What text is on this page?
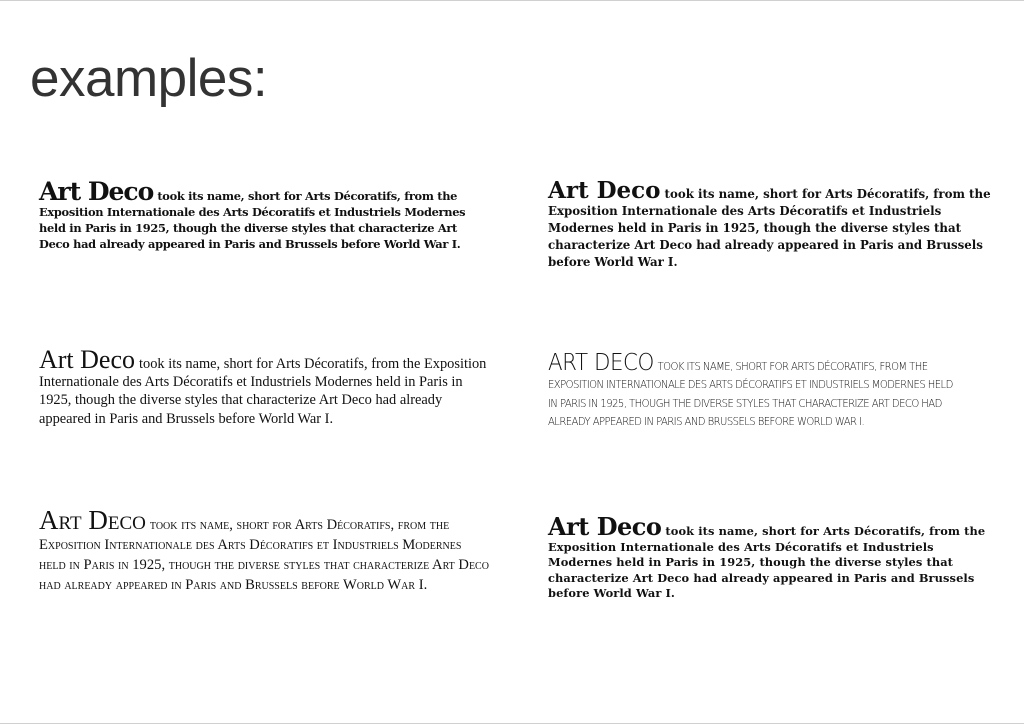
examples:

Art Deco took its name, short for Arts Décoratifs, from the Exposition Internationale des Arts Décoratifs et Industriels Modernes held in Paris in 1925, though the diverse styles that characterize Art Deco had already appeared in Paris and Brussels before World War I.

Art Deco took its name, short for Arts Décoratifs, from the Exposition Internationale des Arts Décoratifs et Industriels Modernes held in Paris in 1925, though the diverse styles that characterize Art Deco had already appeared in Paris and Brussels before World War I.

Art Deco took its name, short for Arts Décoratifs, from the Exposition Internationale des Arts Décoratifs et Industriels Modernes held in Paris in 1925, though the diverse styles that characterize Art Deco had already appeared in Paris and Brussels before World War I.

ART DECO TOOK ITS NAME, SHORT FOR ARTS DÉCORATIFS, FROM THE EXPOSITION INTERNATIONALE DES ARTS DÉCORATIFS ET INDUSTRIELS MODERNES HELD IN PARIS IN 1925, THOUGH THE DIVERSE STYLES THAT CHARACTERIZE ART DECO HAD ALREADY APPEARED IN PARIS AND BRUSSELS BEFORE WORLD WAR I.

Art Deco took its name, short for Arts Décoratifs, from the Exposition Internationale des Arts Décoratifs et Industriels Modernes held in Paris in 1925, though the diverse styles that characterize Art Deco had already appeared in Paris and Brussels before World War I.

Art Deco took its name, short for Arts Décoratifs, from the Exposition Internationale des Arts Décoratifs et Industriels Modernes held in Paris in 1925, though the diverse styles that characterize Art Deco had already appeared in Paris and Brussels before World War I.
